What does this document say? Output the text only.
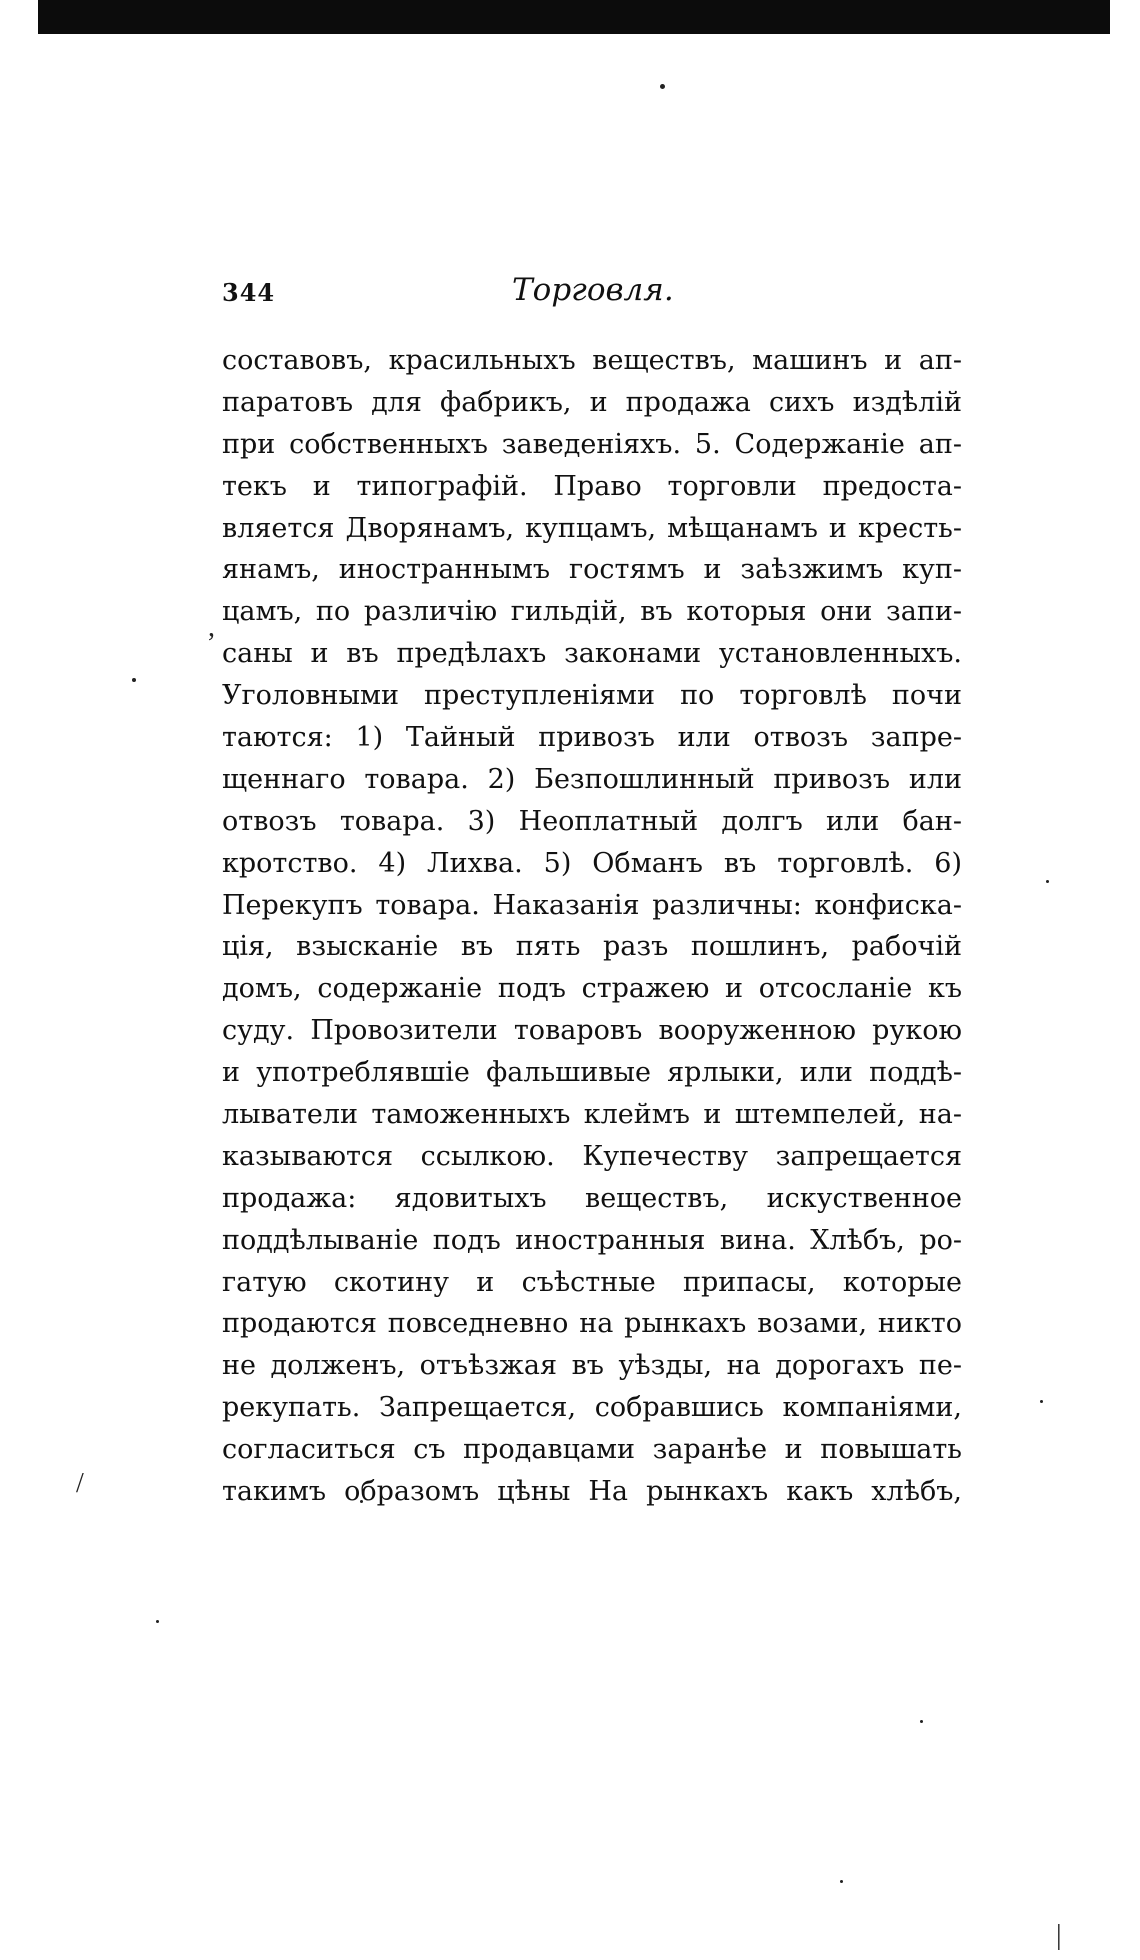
,
/
|
344	Торговля.
составовъ, красильныхъ веществъ, машинъ и ап-
паратовъ для фабрикъ, и продажа сихъ издѣлій
при собственныхъ заведеніяхъ. 5. Содержаніе ап-
текъ и типографій. Право торговли предоста-
вляется Дворянамъ, купцамъ, мѣщанамъ и кресть-
янамъ, иностраннымъ гостямъ и заѣзжимъ куп-
цамъ, по различію гильдій, въ которыя они запи-
саны и въ предѣлахъ законами установленныхъ.
Уголовными преступленіями по торговлѣ почи
таются: 1) Тайный привозъ или отвозъ запре-
щеннаго товара. 2) Безпошлинный привозъ или
отвозъ товара. 3) Неоплатный долгъ или бан-
кротство. 4) Лихва. 5) Обманъ въ торговлѣ. 6)
Перекупъ товара. Наказанія различны: конфиска-
ція, взысканіе въ пять разъ пошлинъ, рабочій
домъ, содержаніе подъ стражею и отсосланіе къ
суду. Провозители товаровъ вооруженною рукою
и употреблявшіе фальшивые ярлыки, или поддѣ-
лыватели таможенныхъ клеймъ и штемпелей, на-
казываются ссылкою. Купечеству запрещается
продажа: ядовитыхъ веществъ, искуственное
поддѣлываніе подъ иностранныя вина. Хлѣбъ, ро-
гатую скотину и съѣстные припасы, которые
продаются повседневно на рынкахъ возами, никто
не долженъ, отъѣзжая въ уѣзды, на дорогахъ пе-
рекупать. Запрещается, собравшись компаніями,
согласиться съ продавцами заранѣе и повышать
такимъ образомъ цѣны На рынкахъ какъ хлѣбъ,
